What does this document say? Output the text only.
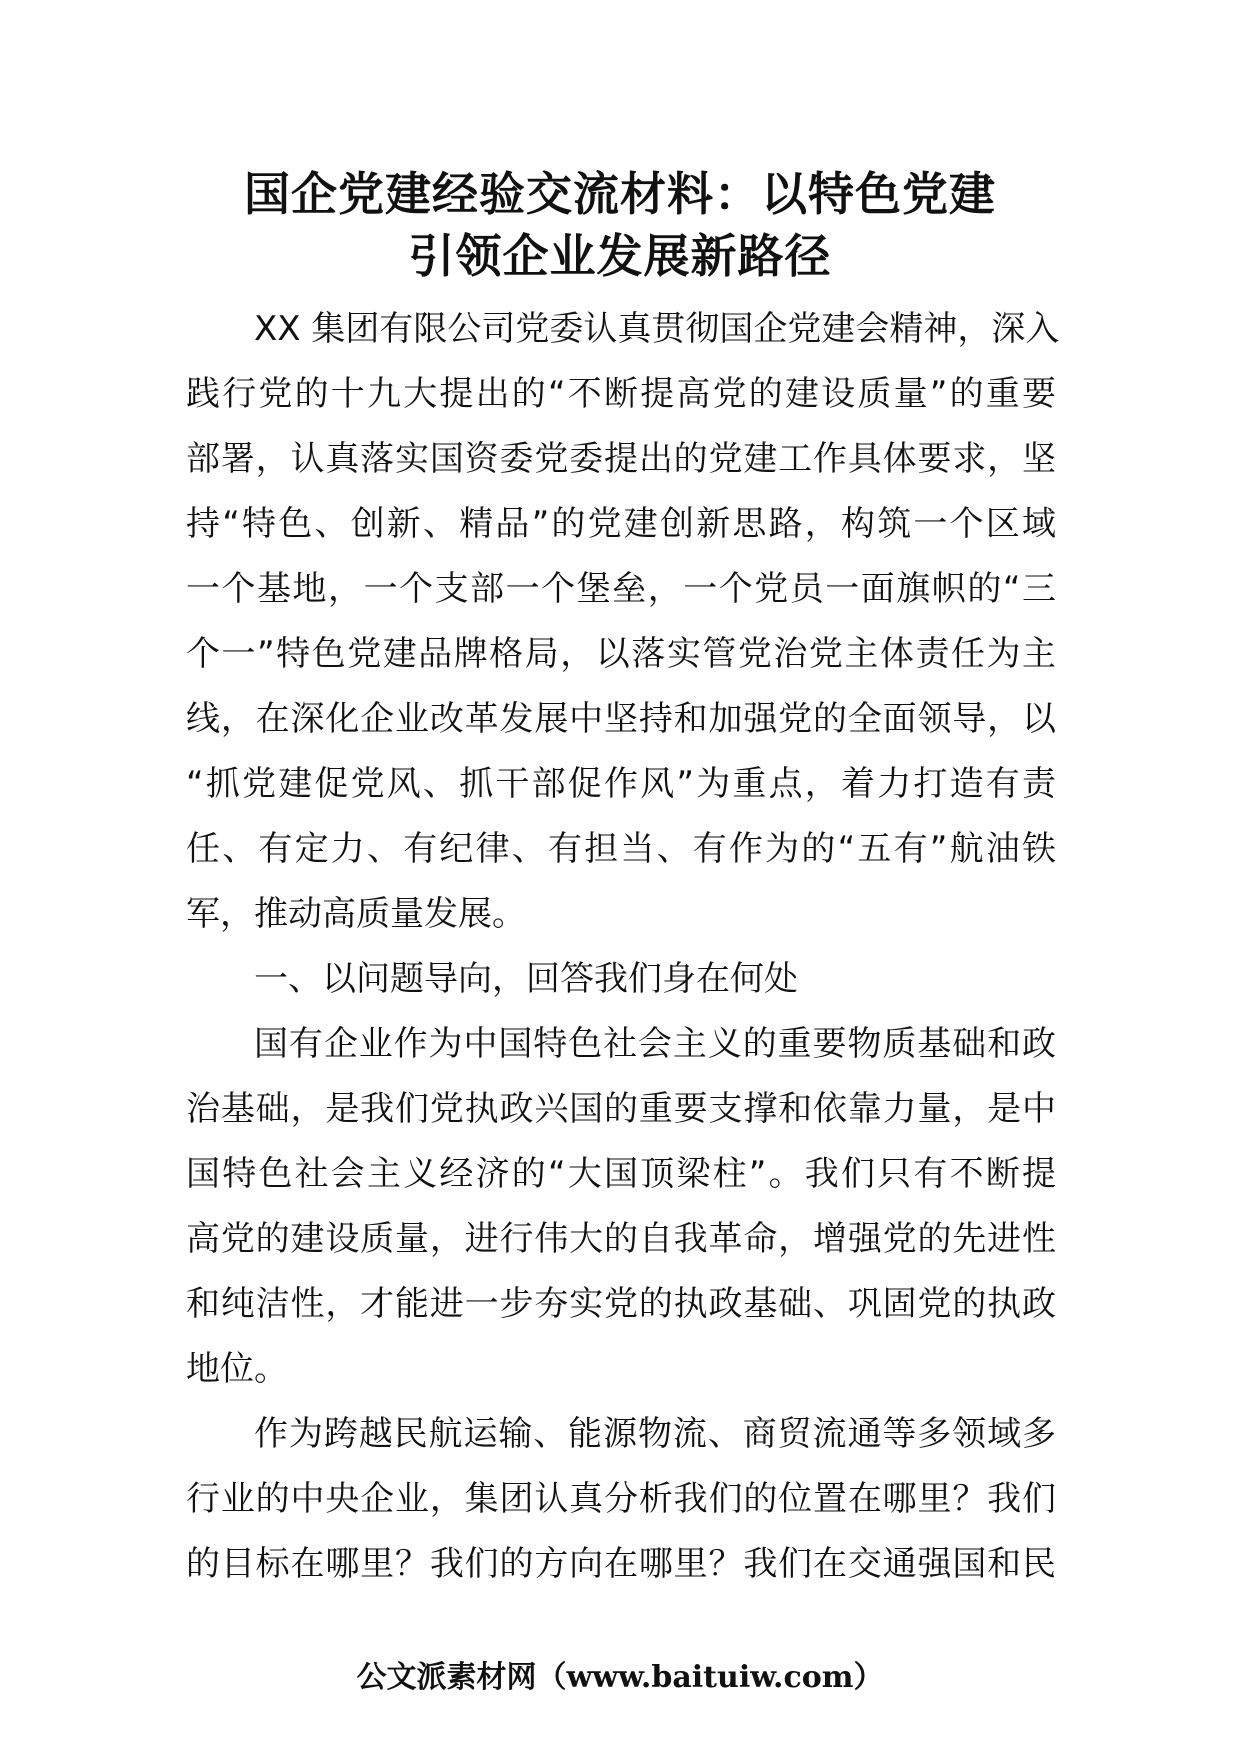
国企党建经验交流材料：以特色党建
引领企业发展新路径
XX 集团有限公司党委认真贯彻国企党建会精神，深入
践行党的十九大提出的“不断提高党的建设质量”的重要
部署，认真落实国资委党委提出的党建工作具体要求，坚
持“特色、创新、精品”的党建创新思路，构筑一个区域
一个基地，一个支部一个堡垒，一个党员一面旗帜的“三
个一”特色党建品牌格局，以落实管党治党主体责任为主
线，在深化企业改革发展中坚持和加强党的全面领导，以
“抓党建促党风、抓干部促作风”为重点，着力打造有责
任、有定力、有纪律、有担当、有作为的“五有”航油铁
军，推动高质量发展。
一、以问题导向，回答我们身在何处
国有企业作为中国特色社会主义的重要物质基础和政
治基础，是我们党执政兴国的重要支撑和依靠力量，是中
国特色社会主义经济的“大国顶梁柱”。我们只有不断提
高党的建设质量，进行伟大的自我革命，增强党的先进性
和纯洁性，才能进一步夯实党的执政基础、巩固党的执政
地位。
作为跨越民航运输、能源物流、商贸流通等多领域多
行业的中央企业，集团认真分析我们的位置在哪里？我们
的目标在哪里？我们的方向在哪里？我们在交通强国和民
公文派素材网（www.baituiw.com）
